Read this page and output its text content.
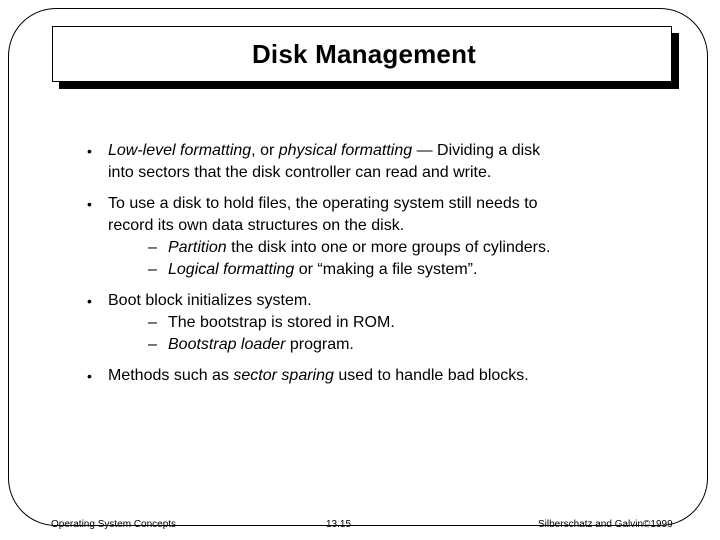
Disk Management
• Low-level formatting, or physical formatting — Dividing a disk
into sectors that the disk controller can read and write.
• To use a disk to hold files, the operating system still needs to
record its own data structures on the disk.
– Partition the disk into one or more groups of cylinders.
– Logical formatting or “making a file system”.
• Boot block initializes system.
– The bootstrap is stored in ROM.
– Bootstrap loader program.
• Methods such as sector sparing used to handle bad blocks.
Operating System Concepts	13.15	Silberschatz and Galvin©1999
